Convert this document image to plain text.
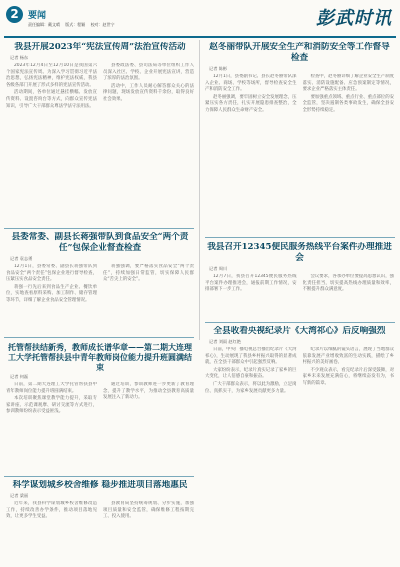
2	要闻
责任编辑：戴文晴 版式：程颖 校对：赵世宁	彭武时讯
我县开展2023年“宪法宣传周”法治宣传活动
记者 杨东

2023年12月4日至12月10日是我国第六个国家宪法宣传周。为深入学习贯彻习近平法治思想，弘扬宪法精神，维护宪法权威，我县各级各部门开展了形式多样的宪法宣传活动。

活动期间，各单位通过悬挂横幅、发放宣传资料、设置咨询台等方式，向群众宣传宪法知识，引导广大干部群众尊法学法守法用法。

县委政法委、县司法局等单位组织工作人员深入社区、学校、企业开展宪法宣讲，营造了浓厚的法治氛围。

活动中，工作人员耐心解答群众关心的法律问题，现场发放宣传资料千余份，取得良好社会效果。

赵冬丽带队开展安全生产和消防安全等工作督导检查
记者 陈彬

12月1日，县委副书记、县长赵冬丽带队深入企业、商场、学校等场所，督导检查安全生产和消防安全工作。

赵冬丽强调，要牢固树立安全发展理念，压紧压实各方责任，扎实开展隐患排查整治，全力保障人民群众生命财产安全。

检查中，赵冬丽详细了解企业安全生产制度落实、消防设施配备、应急预案制定等情况，要求企业严格落实主体责任。

要加强重点领域、重点行业、重点部位的安全监管，坚决遏制各类事故发生，确保全县安全形势持续稳定。

县委常委、副县长蒋强带队到食品安全“两个责任”包保企业督查检查
记者 袁志勇

12月1日，县委常委、副县长蒋强带队到食品安全“两个责任”包保企业进行督导检查，压紧压实食品安全责任。

蒋强一行先后来到食品生产企业、餐饮单位，实地查看原料采购、加工制作、储存管理等环节，详细了解企业食品安全管理情况。

蒋强强调，要严格落实食品安全“两个责任”，持续加强日常监管，切实保障人民群众“舌尖上的安全”。

我县召开12345便民服务热线平台案件办理推进会
记者 周川

12月7日，我县召开12345便民服务热线平台案件办理推进会，通报前期工作情况，安排部署下一步工作。

会议要求，各承办单位要提高思想认识，强化责任担当，切实提高热线办理质量和效率，不断提升群众满意度。

托管帮扶结新秀，教师成长谱华章——第二期大连理工大学托管帮扶县中青年教师岗位能力提升班圆满结束
记者 何磊

日前，第二期大连理工大学托管帮扶县中青年教师岗位能力提升班圆满结束。

本次培训聚焦课堂教学能力提升，采取专家讲座、示范课观摩、研讨交流等方式进行，参训教师纷纷表示受益匪浅。

通过培训，参训教师进一步更新了教育理念，提升了教学水平，为推动全县教育高质量发展注入了新动力。

全县收看央视纪录片《大湾祁心》后反响强烈
记者 刘雨 赵红艳

日前，中央广播电视总台播出纪录片《大湾祁心》，生动展现了我县乡村振兴取得的显著成就，在全县干部群众中引起强烈反响。

大家纷纷表示，纪录片真实记录了家乡的巨大变化，让人倍感自豪和振奋。

广大干部群众表示，将以此为激励，立足岗位、真抓实干，为家乡发展贡献更多力量。

纪录片以细腻的镜头语言，展现了当地群众依靠发展产业增收致富的生动实践，描绘了乡村振兴的美好画卷。

不少观众表示，看完纪录片后深受鼓舞，对家乡未来发展充满信心，将继续奋发有为，书写新的篇章。

科学谋划城乡校舍维修 稳步推进项目落地惠民
记者 梁丽

近年来，我县科学谋划城乡校舍维修改造工作，持续改善办学条件，推动项目落地见效，让更多学生受益。

县教育局坚持统筹规划、分步实施，加强项目质量和安全监管，确保维修工程按期完工、投入使用。
